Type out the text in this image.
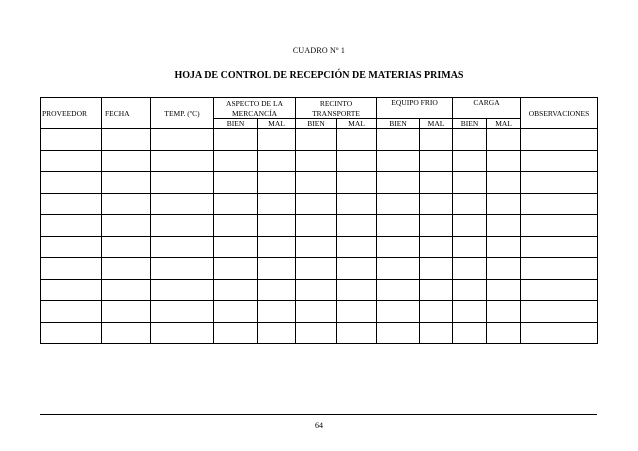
CUADRO Nº 1
HOJA DE CONTROL DE RECEPCIÓN DE MATERIAS PRIMAS
PROVEEDOR	FECHA	TEMP. (ºC)	ASPECTO DE LA		RECINTO		EQUIPO FRIO		CARGA		OBSERVACIONES
			MERCANCÍA		TRANSPORTE						
			BIEN	MAL	BIEN	MAL	BIEN	MAL	BIEN	MAL	

64
